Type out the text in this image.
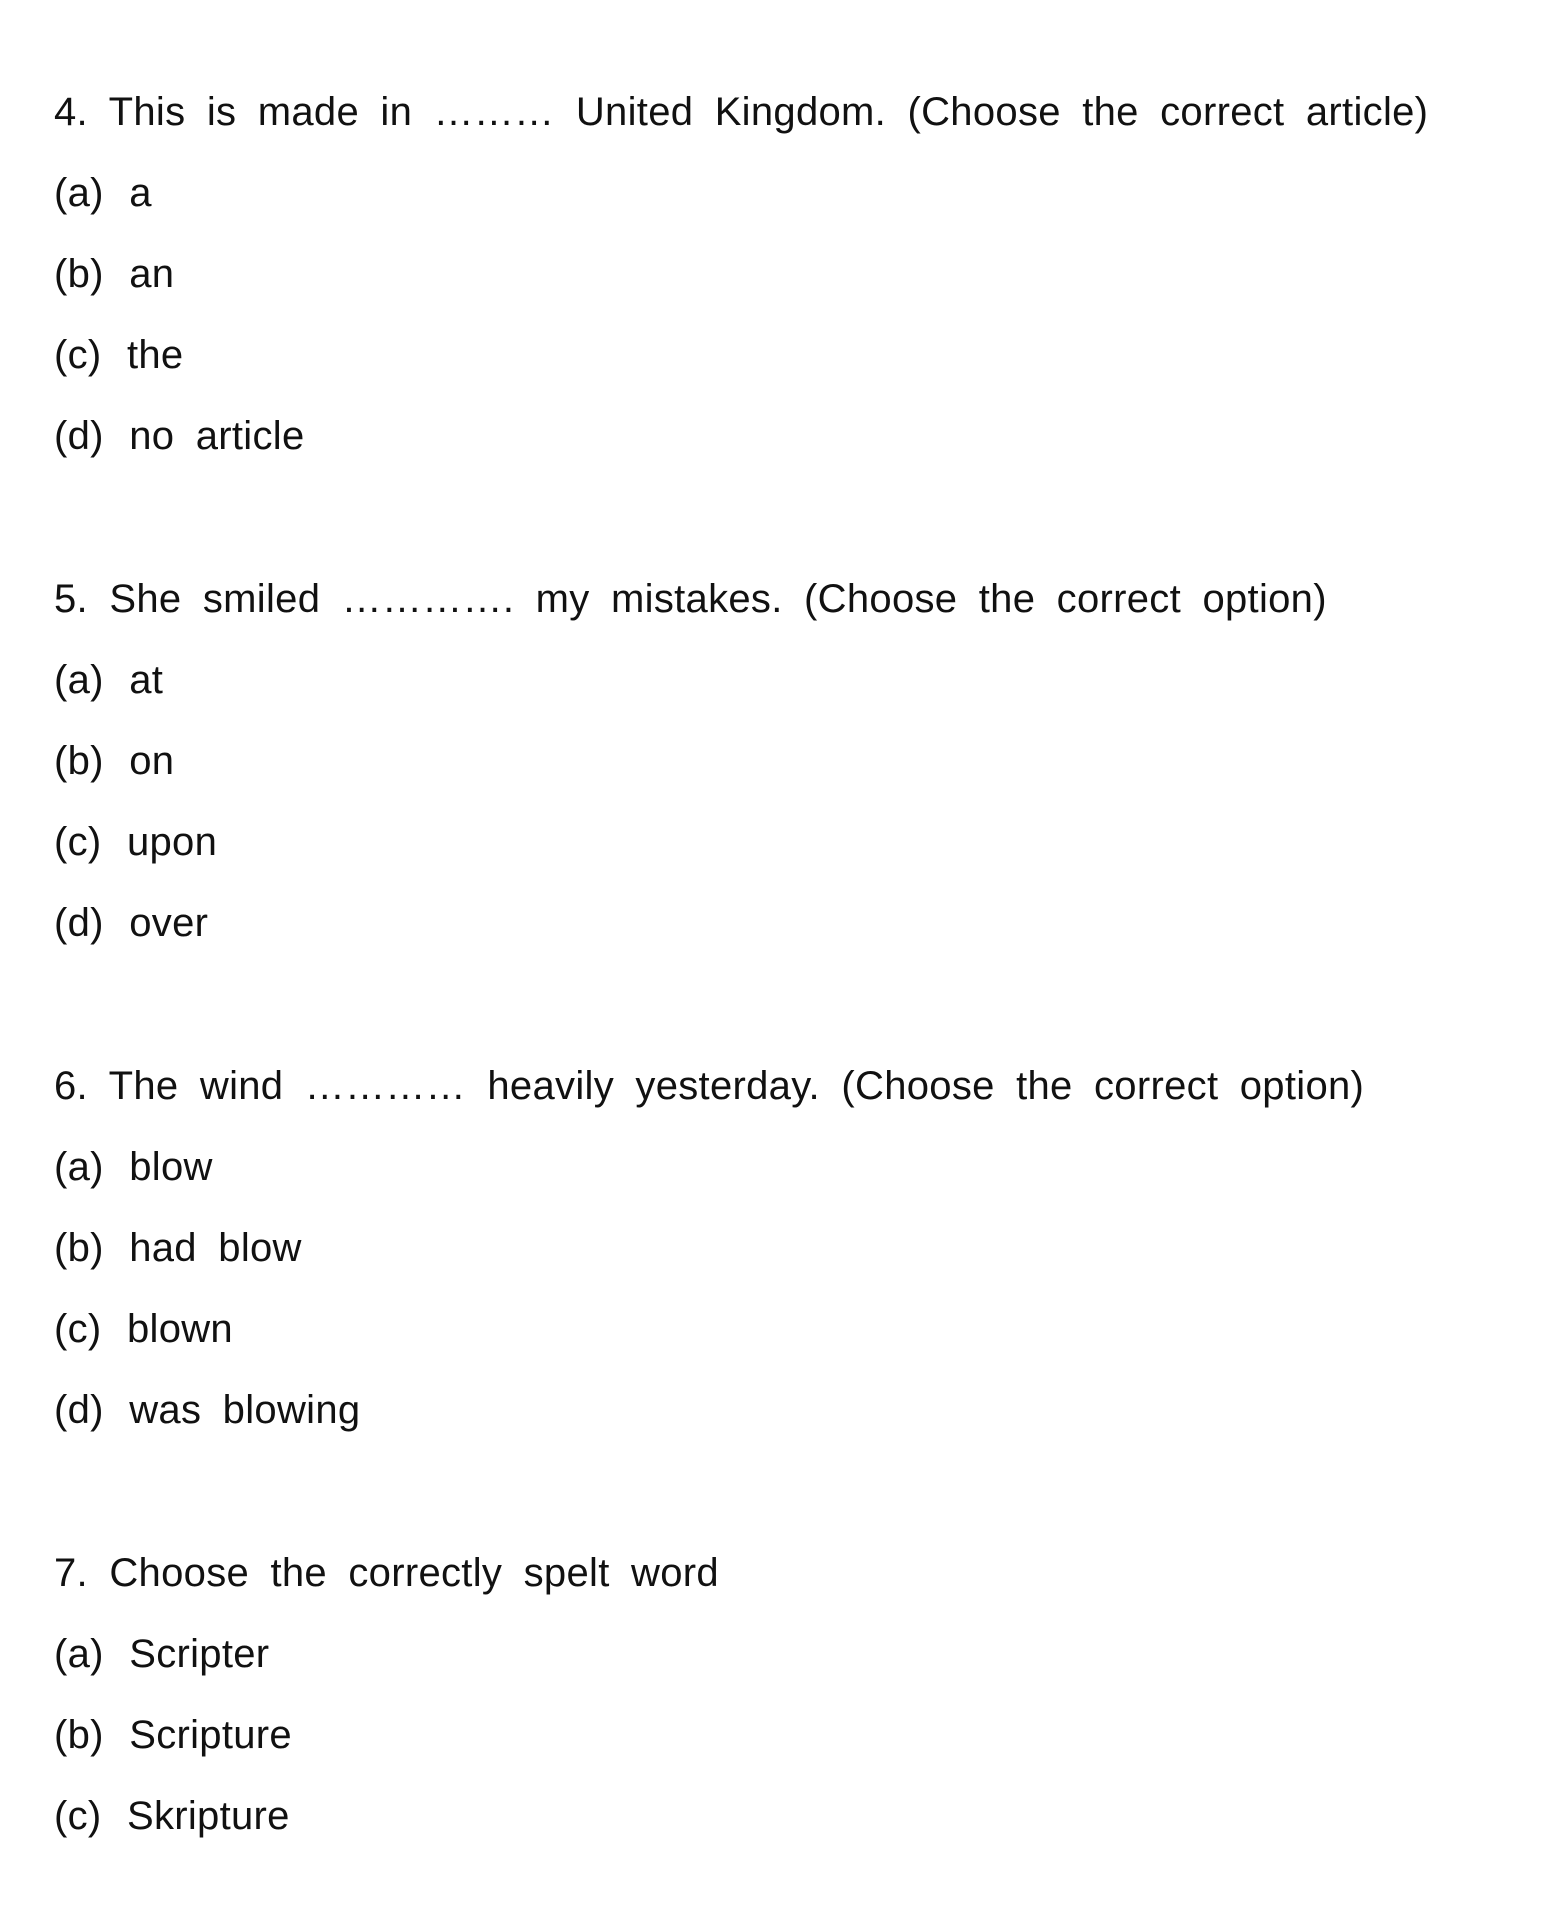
4. This is made in ……… United Kingdom. (Choose the correct article)

(a) a

(b) an

(c) the

(d) no article

5. She smiled …………. my mistakes. (Choose the correct option)

(a) at

(b) on

(c) upon

(d) over

6. The wind ………… heavily yesterday. (Choose the correct option)

(a) blow

(b) had blow

(c) blown

(d) was blowing

7. Choose the correctly spelt word

(a) Scripter

(b) Scripture

(c) Skripture
